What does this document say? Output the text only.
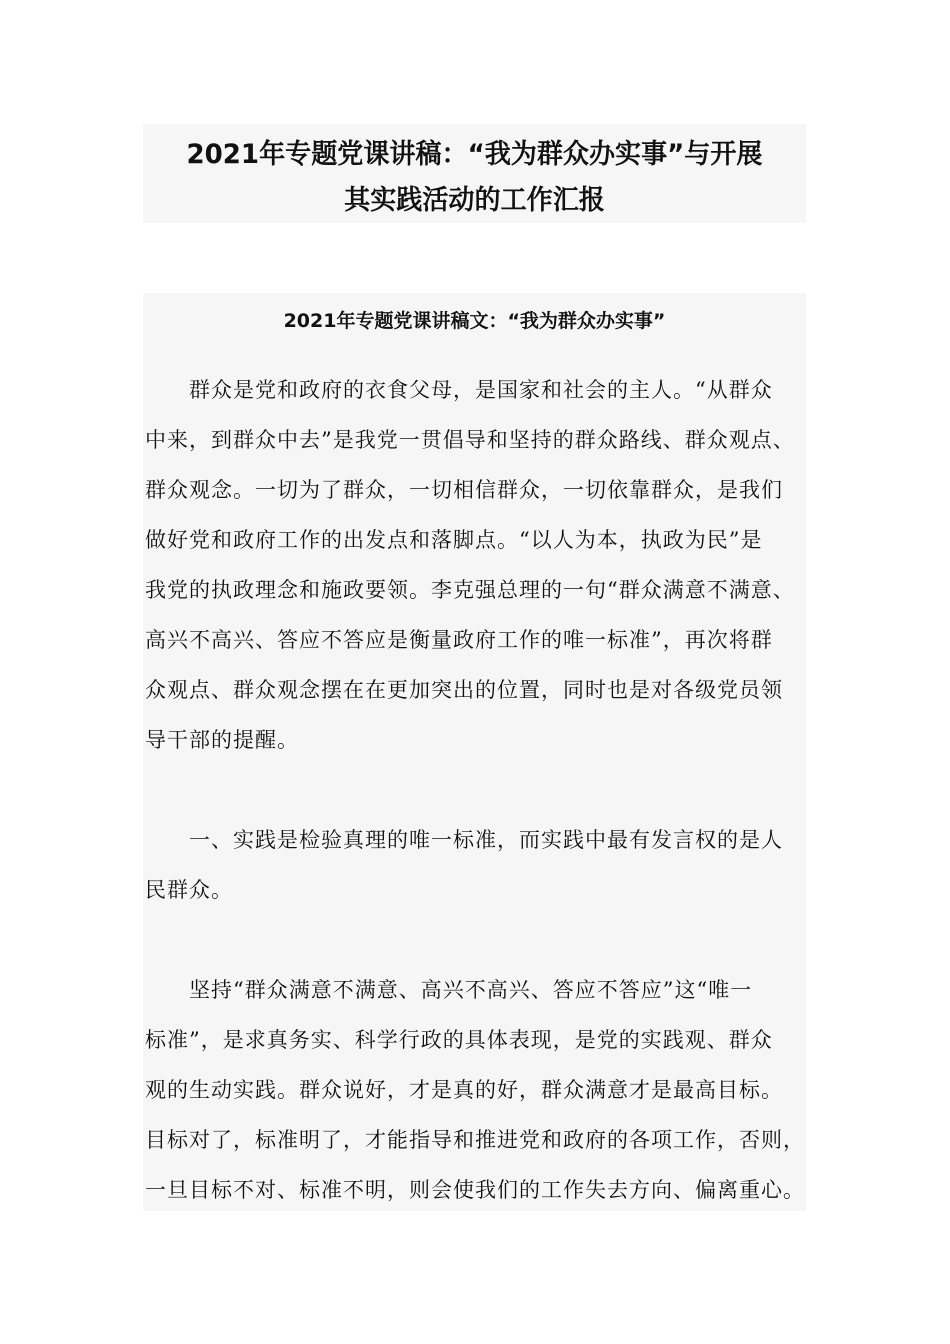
2021年专题党课讲稿：“我为群众办实事”与开展
其实践活动的工作汇报
2021年专题党课讲稿文：“我为群众办实事”
　　群众是党和政府的衣食父母，是国家和社会的主人。“从群众
中来，到群众中去”是我党一贯倡导和坚持的群众路线、群众观点、
群众观念。一切为了群众，一切相信群众，一切依靠群众，是我们
做好党和政府工作的出发点和落脚点。“以人为本，执政为民”是
我党的执政理念和施政要领。李克强总理的一句“群众满意不满意、
高兴不高兴、答应不答应是衡量政府工作的唯一标准”，再次将群
众观点、群众观念摆在在更加突出的位置，同时也是对各级党员领
导干部的提醒。
　　一、实践是检验真理的唯一标准，而实践中最有发言权的是人
民群众。
　　坚持“群众满意不满意、高兴不高兴、答应不答应”这“唯一
标准”，是求真务实、科学行政的具体表现，是党的实践观、群众
观的生动实践。群众说好，才是真的好，群众满意才是最高目标。
目标对了，标准明了，才能指导和推进党和政府的各项工作，否则，
一旦目标不对、标准不明，则会使我们的工作失去方向、偏离重心。
